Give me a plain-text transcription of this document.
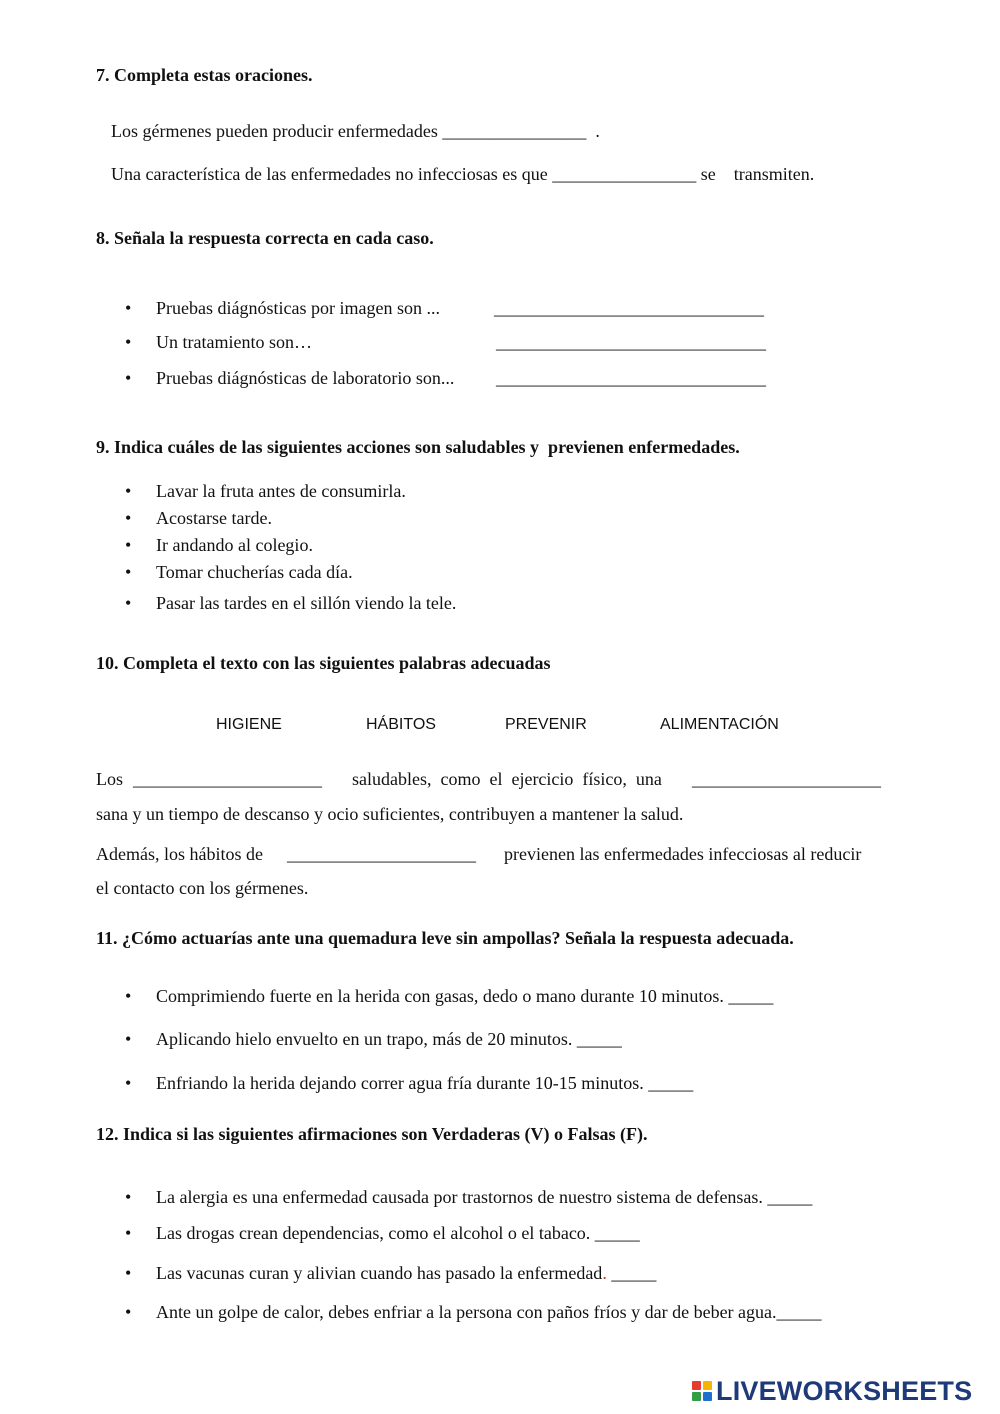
7. Completa estas oraciones.
Los gérmenes pueden producir enfermedades ________________  .
Una característica de las enfermedades no infecciosas es que ________________ se    transmiten.
8. Señala la respuesta correcta en cada caso.
• Pruebas diágnósticas por imagen son ...	______________________________
• Un tratamiento son…	______________________________
• Pruebas diágnósticas de laboratorio son... ______________________________
9. Indica cuáles de las siguientes acciones son saludables y  previenen enfermedades.
• Lavar la fruta antes de consumirla.
• Acostarse tarde.
• Ir andando al colegio.
• Tomar chucherías cada día.
• Pasar las tardes en el sillón viendo la tele.
10. Completa el texto con las siguientes palabras adecuadas
HIGIENE	HÁBITOS	PREVENIR	ALIMENTACIÓN
Los _____________________ saludables,  como  el  ejercicio  físico,  una _____________________
sana y un tiempo de descanso y ocio suficientes, contribuyen a mantener la salud.
Además, los hábitos de _____________________ previenen las enfermedades infecciosas al reducir
el contacto con los gérmenes.
11. ¿Cómo actuarías ante una quemadura leve sin ampollas? Señala la respuesta adecuada.
• Comprimiendo fuerte en la herida con gasas, dedo o mano durante 10 minutos. _____
• Aplicando hielo envuelto en un trapo, más de 20 minutos. _____
• Enfriando la herida dejando correr agua fría durante 10-15 minutos. _____
12. Indica si las siguientes afirmaciones son Verdaderas (V) o Falsas (F).
• La alergia es una enfermedad causada por trastornos de nuestro sistema de defensas. _____
• Las drogas crean dependencias, como el alcohol o el tabaco. _____
• Las vacunas curan y alivian cuando has pasado la enfermedad. _____
• Ante un golpe de calor, debes enfriar a la persona con paños fríos y dar de beber agua._____
LIVEWORKSHEETS
